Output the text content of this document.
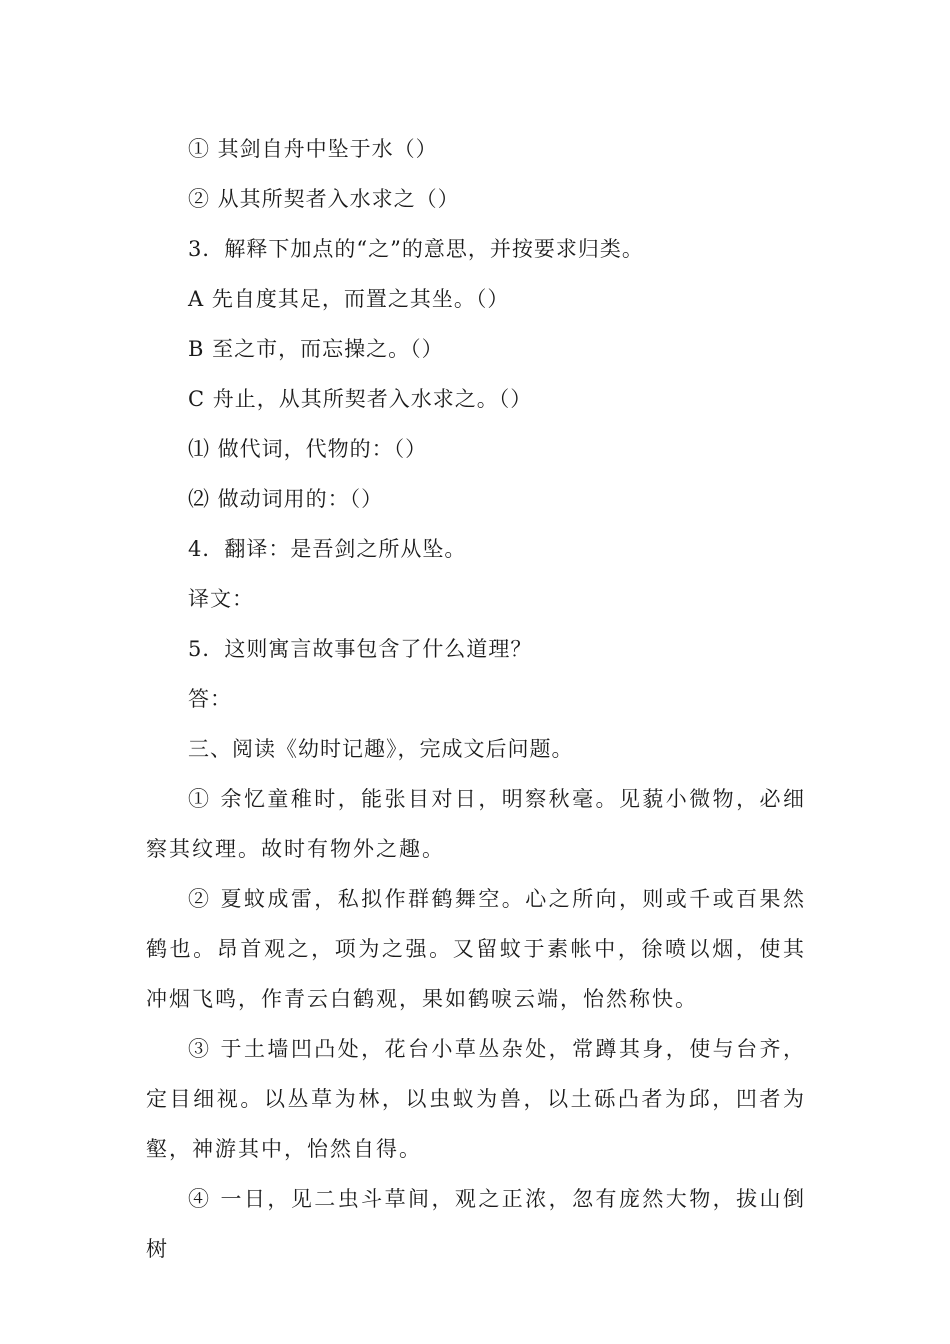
① 其剑自舟中坠于水（）
② 从其所契者入水求之（）
3．解释下加点的“之”的意思，并按要求归类。
A 先自度其足，而置之其坐。（）
B 至之市，而忘操之。（）
C 舟止，从其所契者入水求之。（）
⑴ 做代词，代物的：（）
⑵ 做动词用的：（）
4．翻译：是吾剑之所从坠。
译文：
5．这则寓言故事包含了什么道理？
答：
三、阅读《幼时记趣》，完成文后问题。
① 余忆童稚时，能张目对日，明察秋毫。见藐小微物，必细察其纹理。故时有物外之趣。
② 夏蚊成雷，私拟作群鹤舞空。心之所向，则或千或百果然鹤也。昂首观之，项为之强。又留蚊于素帐中，徐喷以烟，使其冲烟飞鸣，作青云白鹤观，果如鹤唳云端，怡然称快。
③ 于土墙凹凸处，花台小草丛杂处，常蹲其身，使与台齐，定目细视。以丛草为林，以虫蚁为兽，以土砾凸者为邱，凹者为壑，神游其中，怡然自得。
④ 一日，见二虫斗草间，观之正浓，忽有庞然大物，拔山倒树
